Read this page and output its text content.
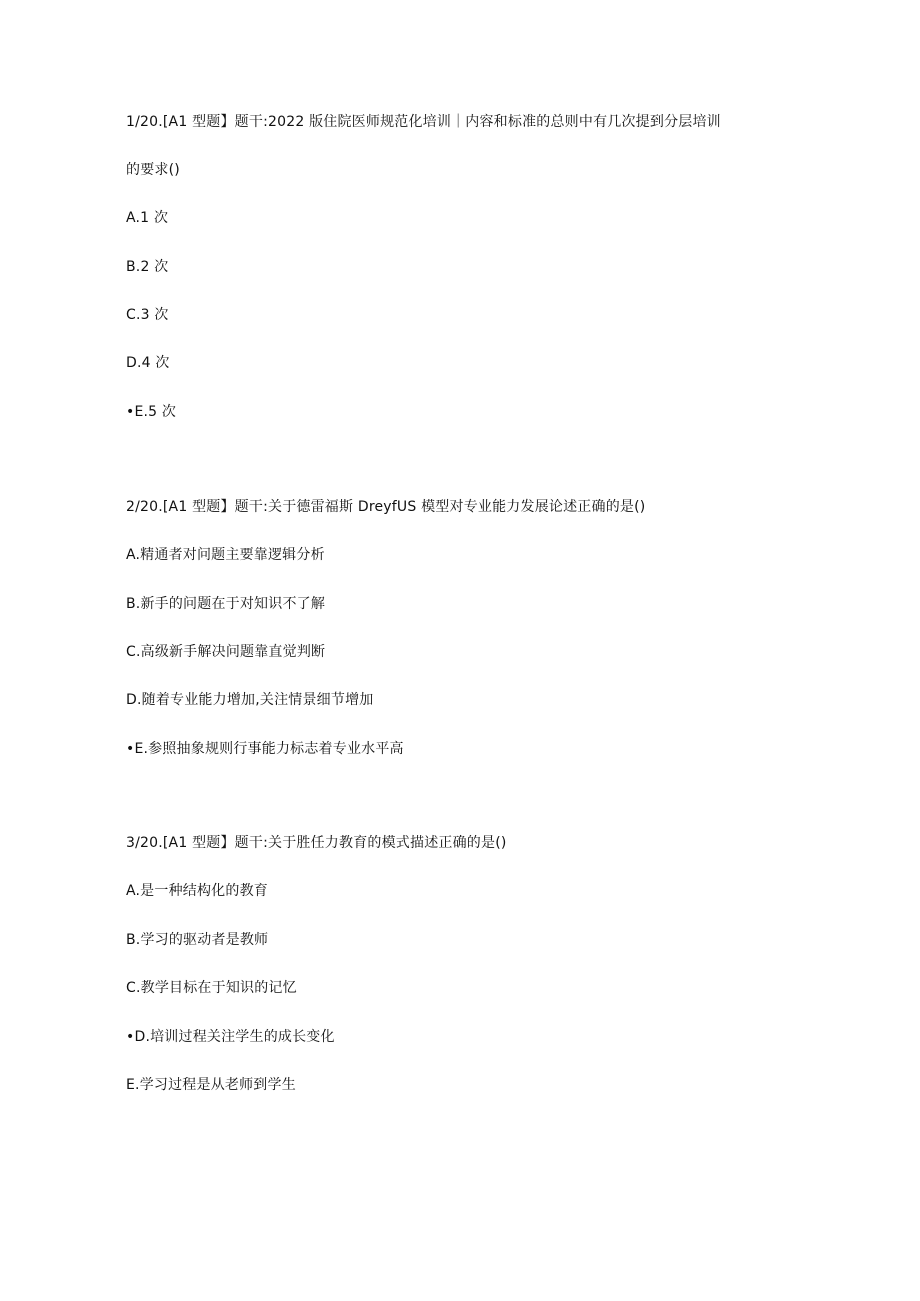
1/20.[A1 型题】题干:2022 版住院医师规范化培训｜内容和标准的总则中有几次提到分层培训
的要求()
A.1 次
B.2 次
C.3 次
D.4 次
•E.5 次
2/20.[A1 型题】题干:关于德雷福斯 DreyfUS 模型对专业能力发展论述正确的是()
A.精通者对问题主要靠逻辑分析
B.新手的问题在于对知识不了解
C.高级新手解决问题靠直觉判断
D.随着专业能力增加,关注情景细节增加
•E.参照抽象规则行事能力标志着专业水平高
3/20.[A1 型题】题干:关于胜任力教育的模式描述正确的是()
A.是一种结构化的教育
B.学习的驱动者是教师
C.教学目标在于知识的记忆
•D.培训过程关注学生的成长变化
E.学习过程是从老师到学生
